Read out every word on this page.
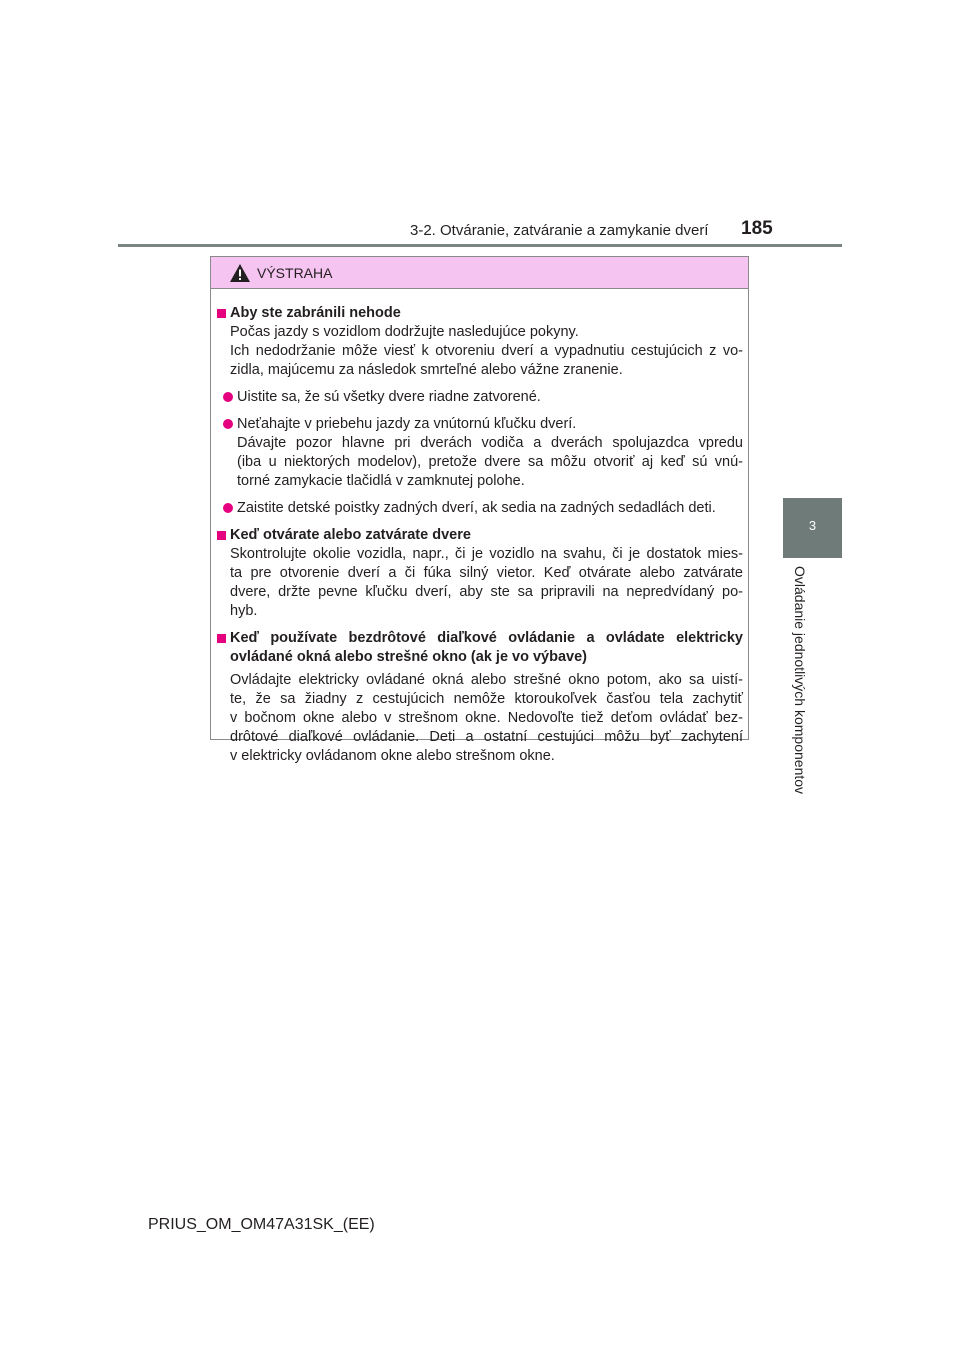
3-2. Otváranie, zatváranie a zamykanie dverí 185
3
Ovládanie jednotlivých komponentov
VÝSTRAHA
Aby ste zabránili nehode
Počas jazdy s vozidlom dodržujte nasledujúce pokyny.
Ich nedodržanie môže viesť k otvoreniu dverí a vypadnutiu cestujúcich z vo-
zidla, majúcemu za následok smrteľné alebo vážne zranenie.
Uistite sa, že sú všetky dvere riadne zatvorené.
Neťahajte v priebehu jazdy za vnútornú kľučku dverí.
Dávajte pozor hlavne pri dverách vodiča a dverách spolujazdca vpredu
(iba u niektorých modelov), pretože dvere sa môžu otvoriť aj keď sú vnú-
torné zamykacie tlačidlá v zamknutej polohe.
Zaistite detské poistky zadných dverí, ak sedia na zadných sedadlách deti.
Keď otvárate alebo zatvárate dvere
Skontrolujte okolie vozidla, napr., či je vozidlo na svahu, či je dostatok mies-
ta pre otvorenie dverí a či fúka silný vietor. Keď otvárate alebo zatvárate
dvere, držte pevne kľučku dverí, aby ste sa pripravili na nepredvídaný po-
hyb.
Keď používate bezdrôtové diaľkové ovládanie a ovládate elektricky
ovládané okná alebo strešné okno (ak je vo výbave)
Ovládajte elektricky ovládané okná alebo strešné okno potom, ako sa uistí-
te, že sa žiadny z cestujúcich nemôže ktoroukoľvek časťou tela zachytiť
v bočnom okne alebo v strešnom okne. Nedovoľte tiež deťom ovládať bez-
drôtové diaľkové ovládanie. Deti a ostatní cestujúci môžu byť zachytení
v elektricky ovládanom okne alebo strešnom okne.
PRIUS_OM_OM47A31SK_(EE)
